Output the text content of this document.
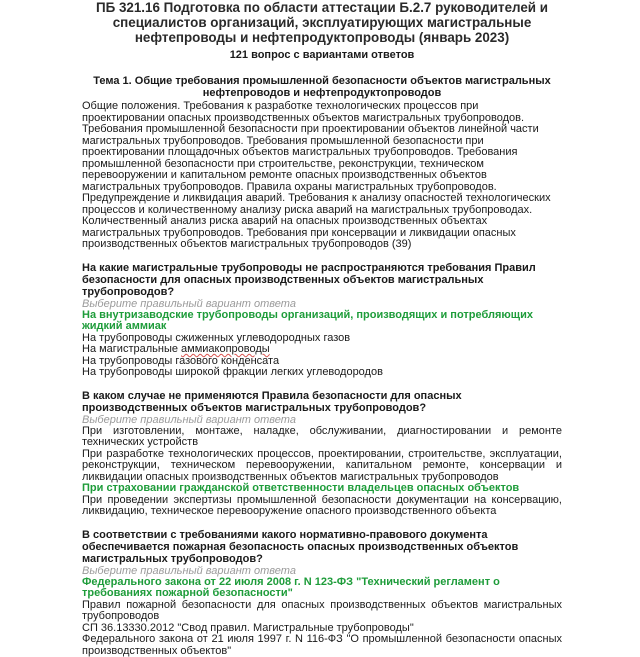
ПБ 321.16 Подготовка по области аттестации Б.2.7 руководителей и специалистов организаций, эксплуатирующих магистральные нефтепроводы и нефтепродуктопроводы (январь 2023)
121 вопрос с вариантами ответов
Тема 1. Общие требования промышленной безопасности объектов магистральных нефтепроводов и нефтепродуктопроводов
Общие положения. Требования к разработке технологических процессов при проектировании опасных производственных объектов магистральных трубопроводов. Требования промышленной безопасности при проектировании объектов линейной части магистральных трубопроводов. Требования промышленной безопасности при проектировании площадочных объектов магистральных трубопроводов. Требования промышленной безопасности при строительстве, реконструкции, техническом перевооружении и капитальном ремонте опасных производственных объектов магистральных трубопроводов. Правила охраны магистральных трубопроводов. Предупреждение и ликвидация аварий. Требования к анализу опасностей технологических процессов и количественному анализу риска аварий на магистральных трубопроводах. Количественный анализ риска аварий на опасных производственных объектах магистральных трубопроводов. Требования при консервации и ликвидации опасных производственных объектов магистральных трубопроводов (39)
На какие магистральные трубопроводы не распространяются требования Правил безопасности для опасных производственных объектов магистральных трубопроводов?
Выберите правильный вариант ответа
На внутризаводские трубопроводы организаций, производящих и потребляющих жидкий аммиак
На трубопроводы сжиженных углеводородных газов
На магистральные аммиакопроводы
На трубопроводы газового конденсата
На трубопроводы широкой фракции легких углеводородов
В каком случае не применяются Правила безопасности для опасных производственных объектов магистральных трубопроводов?
Выберите правильный вариант ответа
При изготовлении, монтаже, наладке, обслуживании, диагностировании и ремонте технических устройств
При разработке технологических процессов, проектировании, строительстве, эксплуатации, реконструкции, техническом перевооружении, капитальном ремонте, консервации и ликвидации опасных производственных объектов магистральных трубопроводов
При страховании гражданской ответственности владельцев опасных объектов
При проведении экспертизы промышленной безопасности документации на консервацию, ликвидацию, техническое перевооружение опасного производственного объекта
В соответствии с требованиями какого нормативно-правового документа обеспечивается пожарная безопасность опасных производственных объектов магистральных трубопроводов?
Выберите правильный вариант ответа
Федерального закона от 22 июля 2008 г. N 123-ФЗ "Технический регламент о требованиях пожарной безопасности"
Правил пожарной безопасности для опасных производственных объектов магистральных трубопроводов
СП 36.13330.2012 "Свод правил. Магистральные трубопроводы"
Федерального закона от 21 июля 1997 г. N 116-ФЗ "О промышленной безопасности опасных производственных объектов"
